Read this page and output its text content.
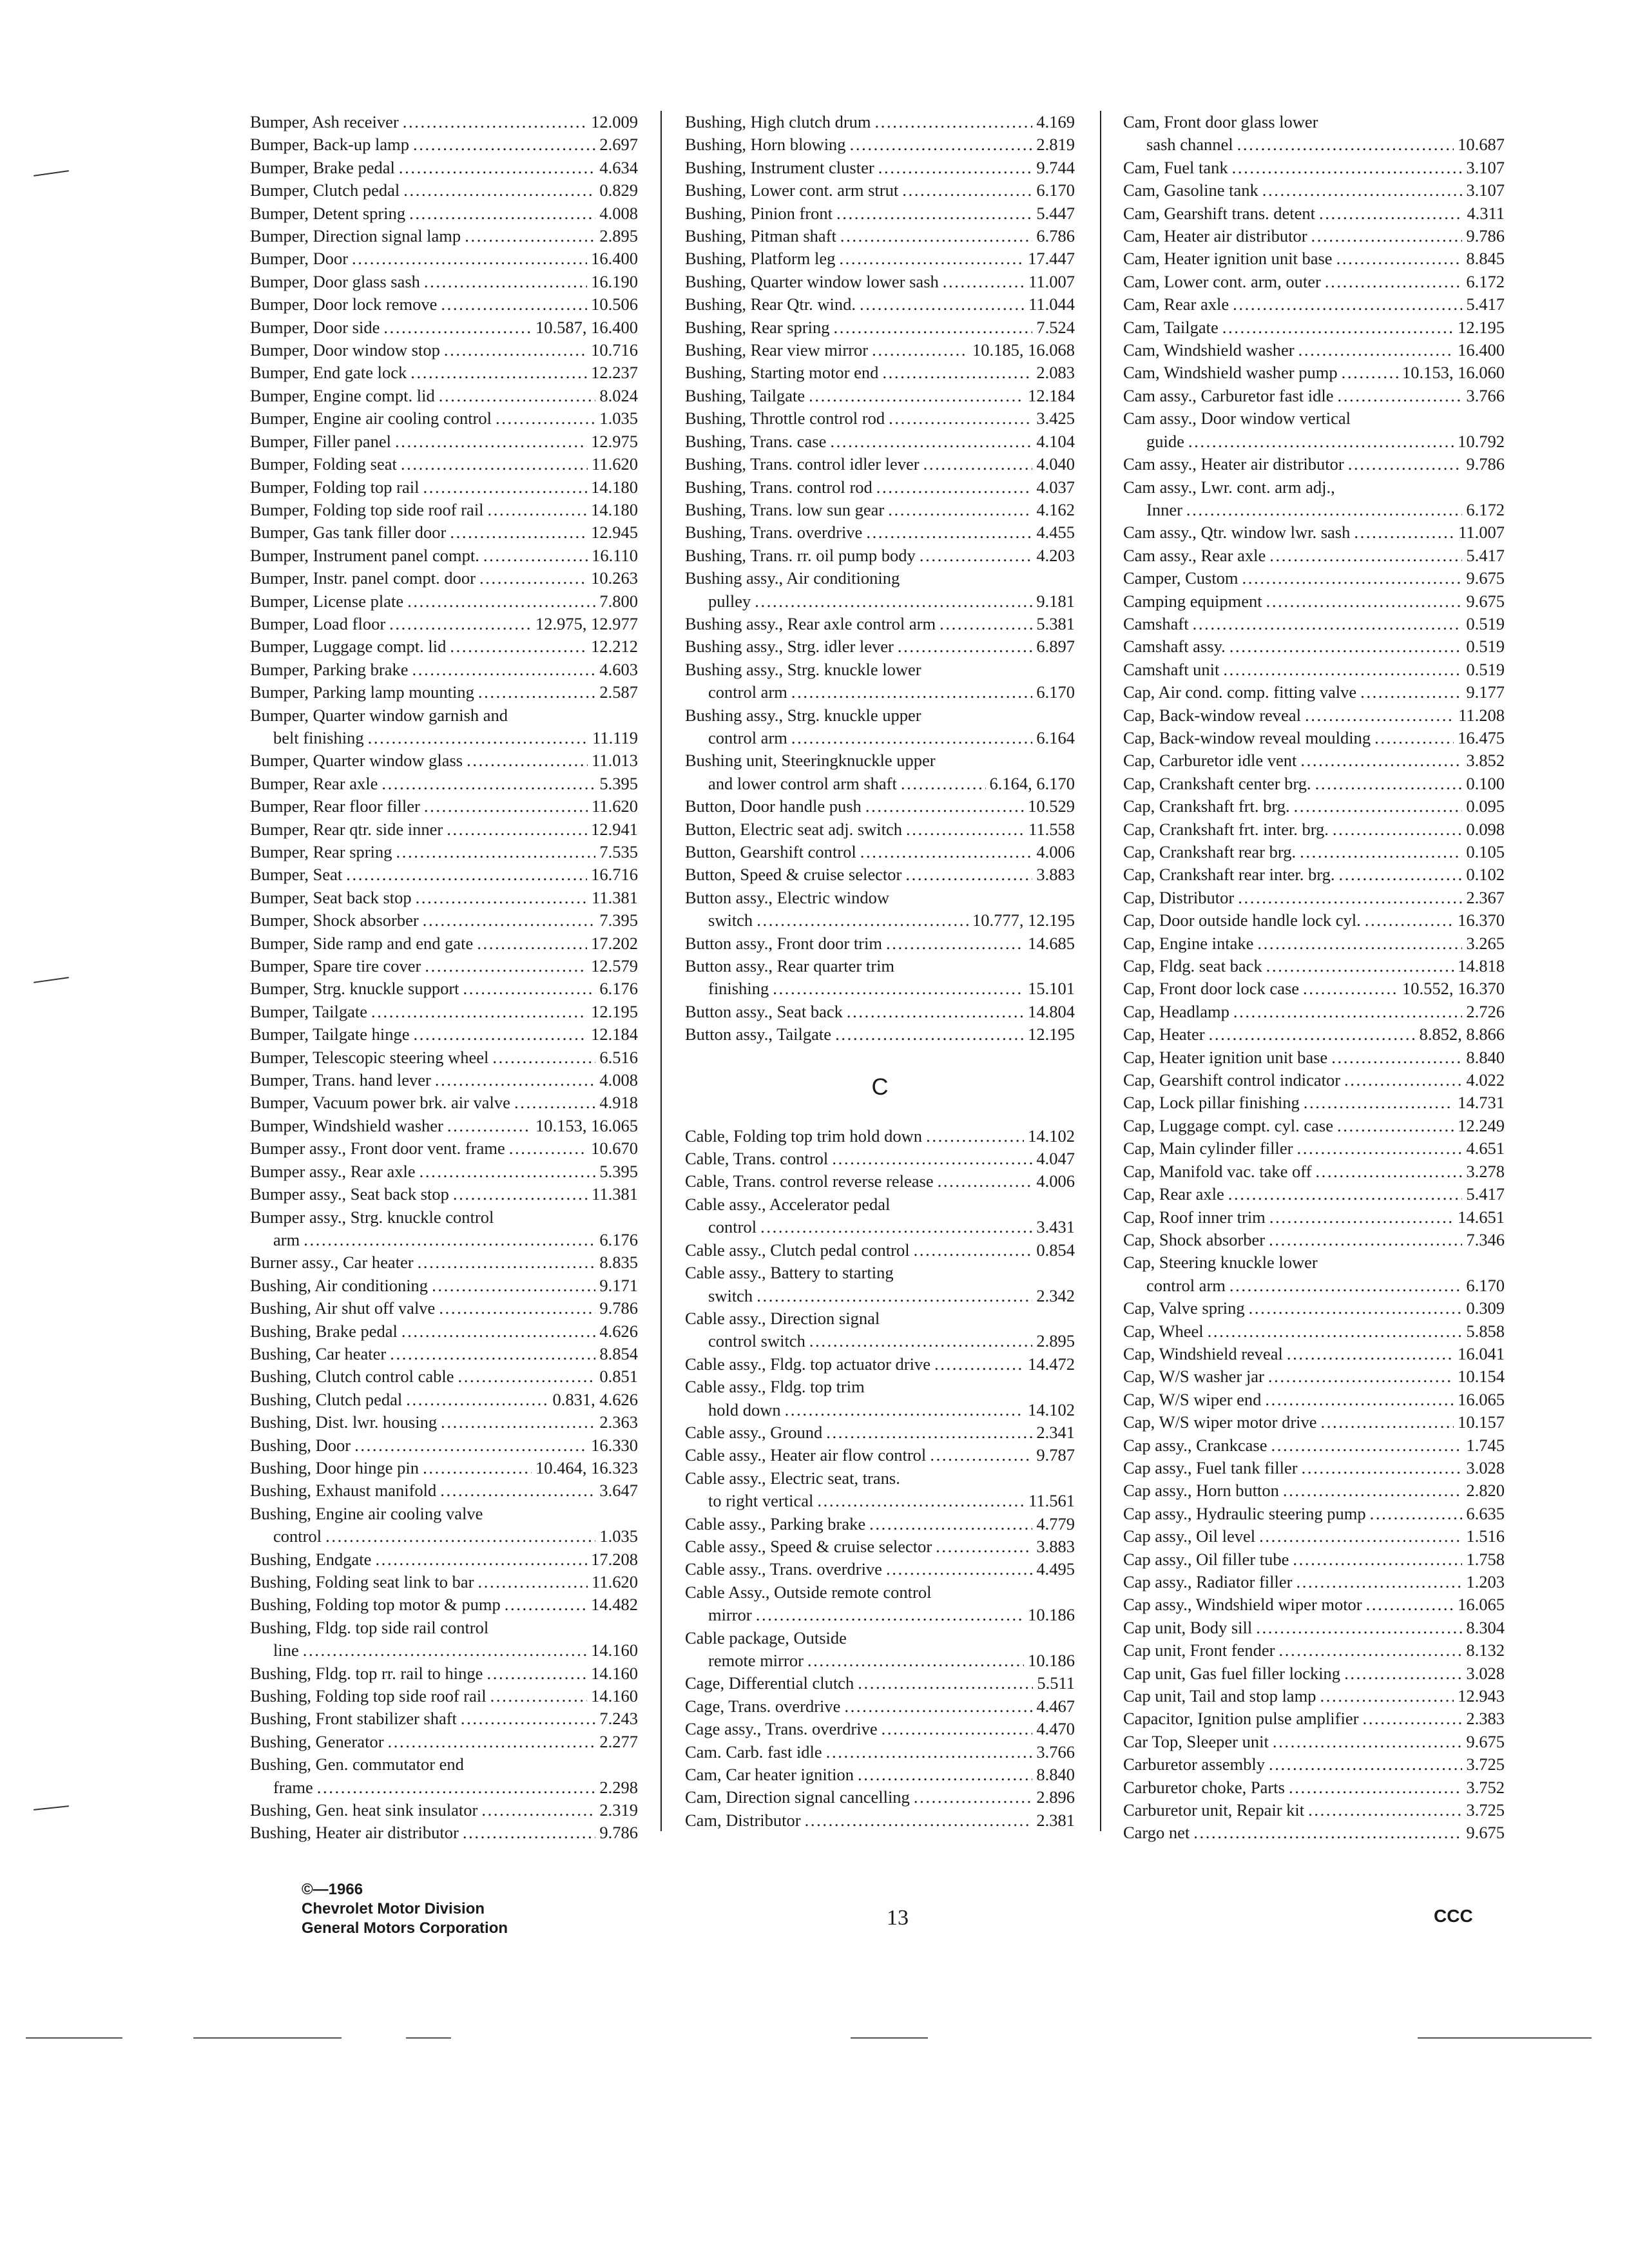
Bumper, Ash receiver . . .	12.009
Bumper, Back-up lamp . . .	2.697
Bumper, Brake pedal . . .	4.634
Bumper, Clutch pedal . . .	0.829
Bumper, Detent spring . . .	4.008
Bumper, Direction signal lamp . . .	2.895
Bumper, Door . . .	16.400
Bumper, Door glass sash . . .	16.190
Bumper, Door lock remove . . .	10.506
Bumper, Door side . . .	10.587, 16.400
Bumper, Door window stop . . .	10.716
Bumper, End gate lock . . .	12.237
Bumper, Engine compt. lid . . .	8.024
Bumper, Engine air cooling control . . .	1.035
Bumper, Filler panel . . .	12.975
Bumper, Folding seat . . .	11.620
Bumper, Folding top rail . . .	14.180
Bumper, Folding top side roof rail . . .	14.180
Bumper, Gas tank filler door . . .	12.945
Bumper, Instrument panel compt. . . .	16.110
Bumper, Instr. panel compt. door . . .	10.263
Bumper, License plate . . .	7.800
Bumper, Load floor . . .	12.975, 12.977
Bumper, Luggage compt. lid . . .	12.212
Bumper, Parking brake . . .	4.603
Bumper, Parking lamp mounting . . .	2.587
Bumper, Quarter window garnish and
belt finishing . . .	11.119
Bumper, Quarter window glass . . .	11.013
Bumper, Rear axle . . .	5.395
Bumper, Rear floor filler . . .	11.620
Bumper, Rear qtr. side inner . . .	12.941
Bumper, Rear spring . . .	7.535
Bumper, Seat . . .	16.716
Bumper, Seat back stop . . .	11.381
Bumper, Shock absorber . . .	7.395
Bumper, Side ramp and end gate . . .	17.202
Bumper, Spare tire cover . . .	12.579
Bumper, Strg. knuckle support . . .	6.176
Bumper, Tailgate . . .	12.195
Bumper, Tailgate hinge . . .	12.184
Bumper, Telescopic steering wheel . . .	6.516
Bumper, Trans. hand lever . . .	4.008
Bumper, Vacuum power brk. air valve . . .	4.918
Bumper, Windshield washer . . .	10.153, 16.065
Bumper assy., Front door vent. frame . . .	10.670
Bumper assy., Rear axle . . .	5.395
Bumper assy., Seat back stop . . .	11.381
Bumper assy., Strg. knuckle control
arm . . .	6.176
Burner assy., Car heater . . .	8.835
Bushing, Air conditioning . . .	9.171
Bushing, Air shut off valve . . .	9.786
Bushing, Brake pedal . . .	4.626
Bushing, Car heater . . .	8.854
Bushing, Clutch control cable . . .	0.851
Bushing, Clutch pedal . . .	0.831, 4.626
Bushing, Dist. lwr. housing . . .	2.363
Bushing, Door . . .	16.330
Bushing, Door hinge pin . . .	10.464, 16.323
Bushing, Exhaust manifold . . .	3.647
Bushing, Engine air cooling valve
control . . .	1.035
Bushing, Endgate . . .	17.208
Bushing, Folding seat link to bar . . .	11.620
Bushing, Folding top motor & pump . . .	14.482
Bushing, Fldg. top side rail control
line . . .	14.160
Bushing, Fldg. top rr. rail to hinge . . .	14.160
Bushing, Folding top side roof rail . . .	14.160
Bushing, Front stabilizer shaft . . .	7.243
Bushing, Generator . . .	2.277
Bushing, Gen. commutator end
frame . . .	2.298
Bushing, Gen. heat sink insulator . . .	2.319
Bushing, Heater air distributor . . .	9.786
Bushing, High clutch drum . . .	4.169
Bushing, Horn blowing . . .	2.819
Bushing, Instrument cluster . . .	9.744
Bushing, Lower cont. arm strut . . .	6.170
Bushing, Pinion front . . .	5.447
Bushing, Pitman shaft . . .	6.786
Bushing, Platform leg . . .	17.447
Bushing, Quarter window lower sash . . .	11.007
Bushing, Rear Qtr. wind. . . .	11.044
Bushing, Rear spring . . .	7.524
Bushing, Rear view mirror . . .	10.185, 16.068
Bushing, Starting motor end . . .	2.083
Bushing, Tailgate . . .	12.184
Bushing, Throttle control rod . . .	3.425
Bushing, Trans. case . . .	4.104
Bushing, Trans. control idler lever . . .	4.040
Bushing, Trans. control rod . . .	4.037
Bushing, Trans. low sun gear . . .	4.162
Bushing, Trans. overdrive . . .	4.455
Bushing, Trans. rr. oil pump body . . .	4.203
Bushing assy., Air conditioning
pulley . . .	9.181
Bushing assy., Rear axle control arm . . .	5.381
Bushing assy., Strg. idler lever . . .	6.897
Bushing assy., Strg. knuckle lower
control arm . . .	6.170
Bushing assy., Strg. knuckle upper
control arm . . .	6.164
Bushing unit, Steeringknuckle upper
and lower control arm shaft . . .	6.164, 6.170
Button, Door handle push . . .	10.529
Button, Electric seat adj. switch . . .	11.558
Button, Gearshift control . . .	4.006
Button, Speed & cruise selector . . .	3.883
Button assy., Electric window
switch . . .	10.777, 12.195
Button assy., Front door trim . . .	14.685
Button assy., Rear quarter trim
finishing . . .	15.101
Button assy., Seat back . . .	14.804
Button assy., Tailgate . . .	12.195
C
Cable, Folding top trim hold down . . .	14.102
Cable, Trans. control . . .	4.047
Cable, Trans. control reverse release . . .	4.006
Cable assy., Accelerator pedal
control . . .	3.431
Cable assy., Clutch pedal control . . .	0.854
Cable assy., Battery to starting
switch . . .	2.342
Cable assy., Direction signal
control switch . . .	2.895
Cable assy., Fldg. top actuator drive . . .	14.472
Cable assy., Fldg. top trim
hold down . . .	14.102
Cable assy., Ground . . .	2.341
Cable assy., Heater air flow control . . .	9.787
Cable assy., Electric seat, trans.
to right vertical . . .	11.561
Cable assy., Parking brake . . .	4.779
Cable assy., Speed & cruise selector . . .	3.883
Cable assy., Trans. overdrive . . .	4.495
Cable Assy., Outside remote control
mirror . . .	10.186
Cable package, Outside
remote mirror . . .	10.186
Cage, Differential clutch . . .	5.511
Cage, Trans. overdrive . . .	4.467
Cage assy., Trans. overdrive . . .	4.470
Cam. Carb. fast idle . . .	3.766
Cam, Car heater ignition . . .	8.840
Cam, Direction signal cancelling . . .	2.896
Cam, Distributor . . .	2.381
Cam, Front door glass lower
sash channel . . .	10.687
Cam, Fuel tank . . .	3.107
Cam, Gasoline tank . . .	3.107
Cam, Gearshift trans. detent . . .	4.311
Cam, Heater air distributor . . .	9.786
Cam, Heater ignition unit base . . .	8.845
Cam, Lower cont. arm, outer . . .	6.172
Cam, Rear axle . . .	5.417
Cam, Tailgate . . .	12.195
Cam, Windshield washer . . .	16.400
Cam, Windshield washer pump . . .	10.153, 16.060
Cam assy., Carburetor fast idle . . .	3.766
Cam assy., Door window vertical
guide . . .	10.792
Cam assy., Heater air distributor . . .	9.786
Cam assy., Lwr. cont. arm adj.,
Inner . . .	6.172
Cam assy., Qtr. window lwr. sash . . .	11.007
Cam assy., Rear axle . . .	5.417
Camper, Custom . . .	9.675
Camping equipment . . .	9.675
Camshaft . . .	0.519
Camshaft assy. . . .	0.519
Camshaft unit . . .	0.519
Cap, Air cond. comp. fitting valve . . .	9.177
Cap, Back-window reveal . . .	11.208
Cap, Back-window reveal moulding . . .	16.475
Cap, Carburetor idle vent . . .	3.852
Cap, Crankshaft center brg. . . .	0.100
Cap, Crankshaft frt. brg. . . .	0.095
Cap, Crankshaft frt. inter. brg. . . .	0.098
Cap, Crankshaft rear brg. . . .	0.105
Cap, Crankshaft rear inter. brg. . . .	0.102
Cap, Distributor . . .	2.367
Cap, Door outside handle lock cyl. . . .	16.370
Cap, Engine intake . . .	3.265
Cap, Fldg. seat back . . .	14.818
Cap, Front door lock case . . .	10.552, 16.370
Cap, Headlamp . . .	2.726
Cap, Heater . . .	8.852, 8.866
Cap, Heater ignition unit base . . .	8.840
Cap, Gearshift control indicator . . .	4.022
Cap, Lock pillar finishing . . .	14.731
Cap, Luggage compt. cyl. case . . .	12.249
Cap, Main cylinder filler . . .	4.651
Cap, Manifold vac. take off . . .	3.278
Cap, Rear axle . . .	5.417
Cap, Roof inner trim . . .	14.651
Cap, Shock absorber . . .	7.346
Cap, Steering knuckle lower
control arm . . .	6.170
Cap, Valve spring . . .	0.309
Cap, Wheel . . .	5.858
Cap, Windshield reveal . . .	16.041
Cap, W/S washer jar . . .	10.154
Cap, W/S wiper end . . .	16.065
Cap, W/S wiper motor drive . . .	10.157
Cap assy., Crankcase . . .	1.745
Cap assy., Fuel tank filler . . .	3.028
Cap assy., Horn button . . .	2.820
Cap assy., Hydraulic steering pump . . .	6.635
Cap assy., Oil level . . .	1.516
Cap assy., Oil filler tube . . .	1.758
Cap assy., Radiator filler . . .	1.203
Cap assy., Windshield wiper motor . . .	16.065
Cap unit, Body sill . . .	8.304
Cap unit, Front fender . . .	8.132
Cap unit, Gas fuel filler locking . . .	3.028
Cap unit, Tail and stop lamp . . .	12.943
Capacitor, Ignition pulse amplifier . . .	2.383
Car Top, Sleeper unit . . .	9.675
Carburetor assembly . . .	3.725
Carburetor choke, Parts . . .	3.752
Carburetor unit, Repair kit . . .	3.725
Cargo net . . .	9.675
©—1966
Chevrolet Motor Division
General Motors Corporation	13	CCC
